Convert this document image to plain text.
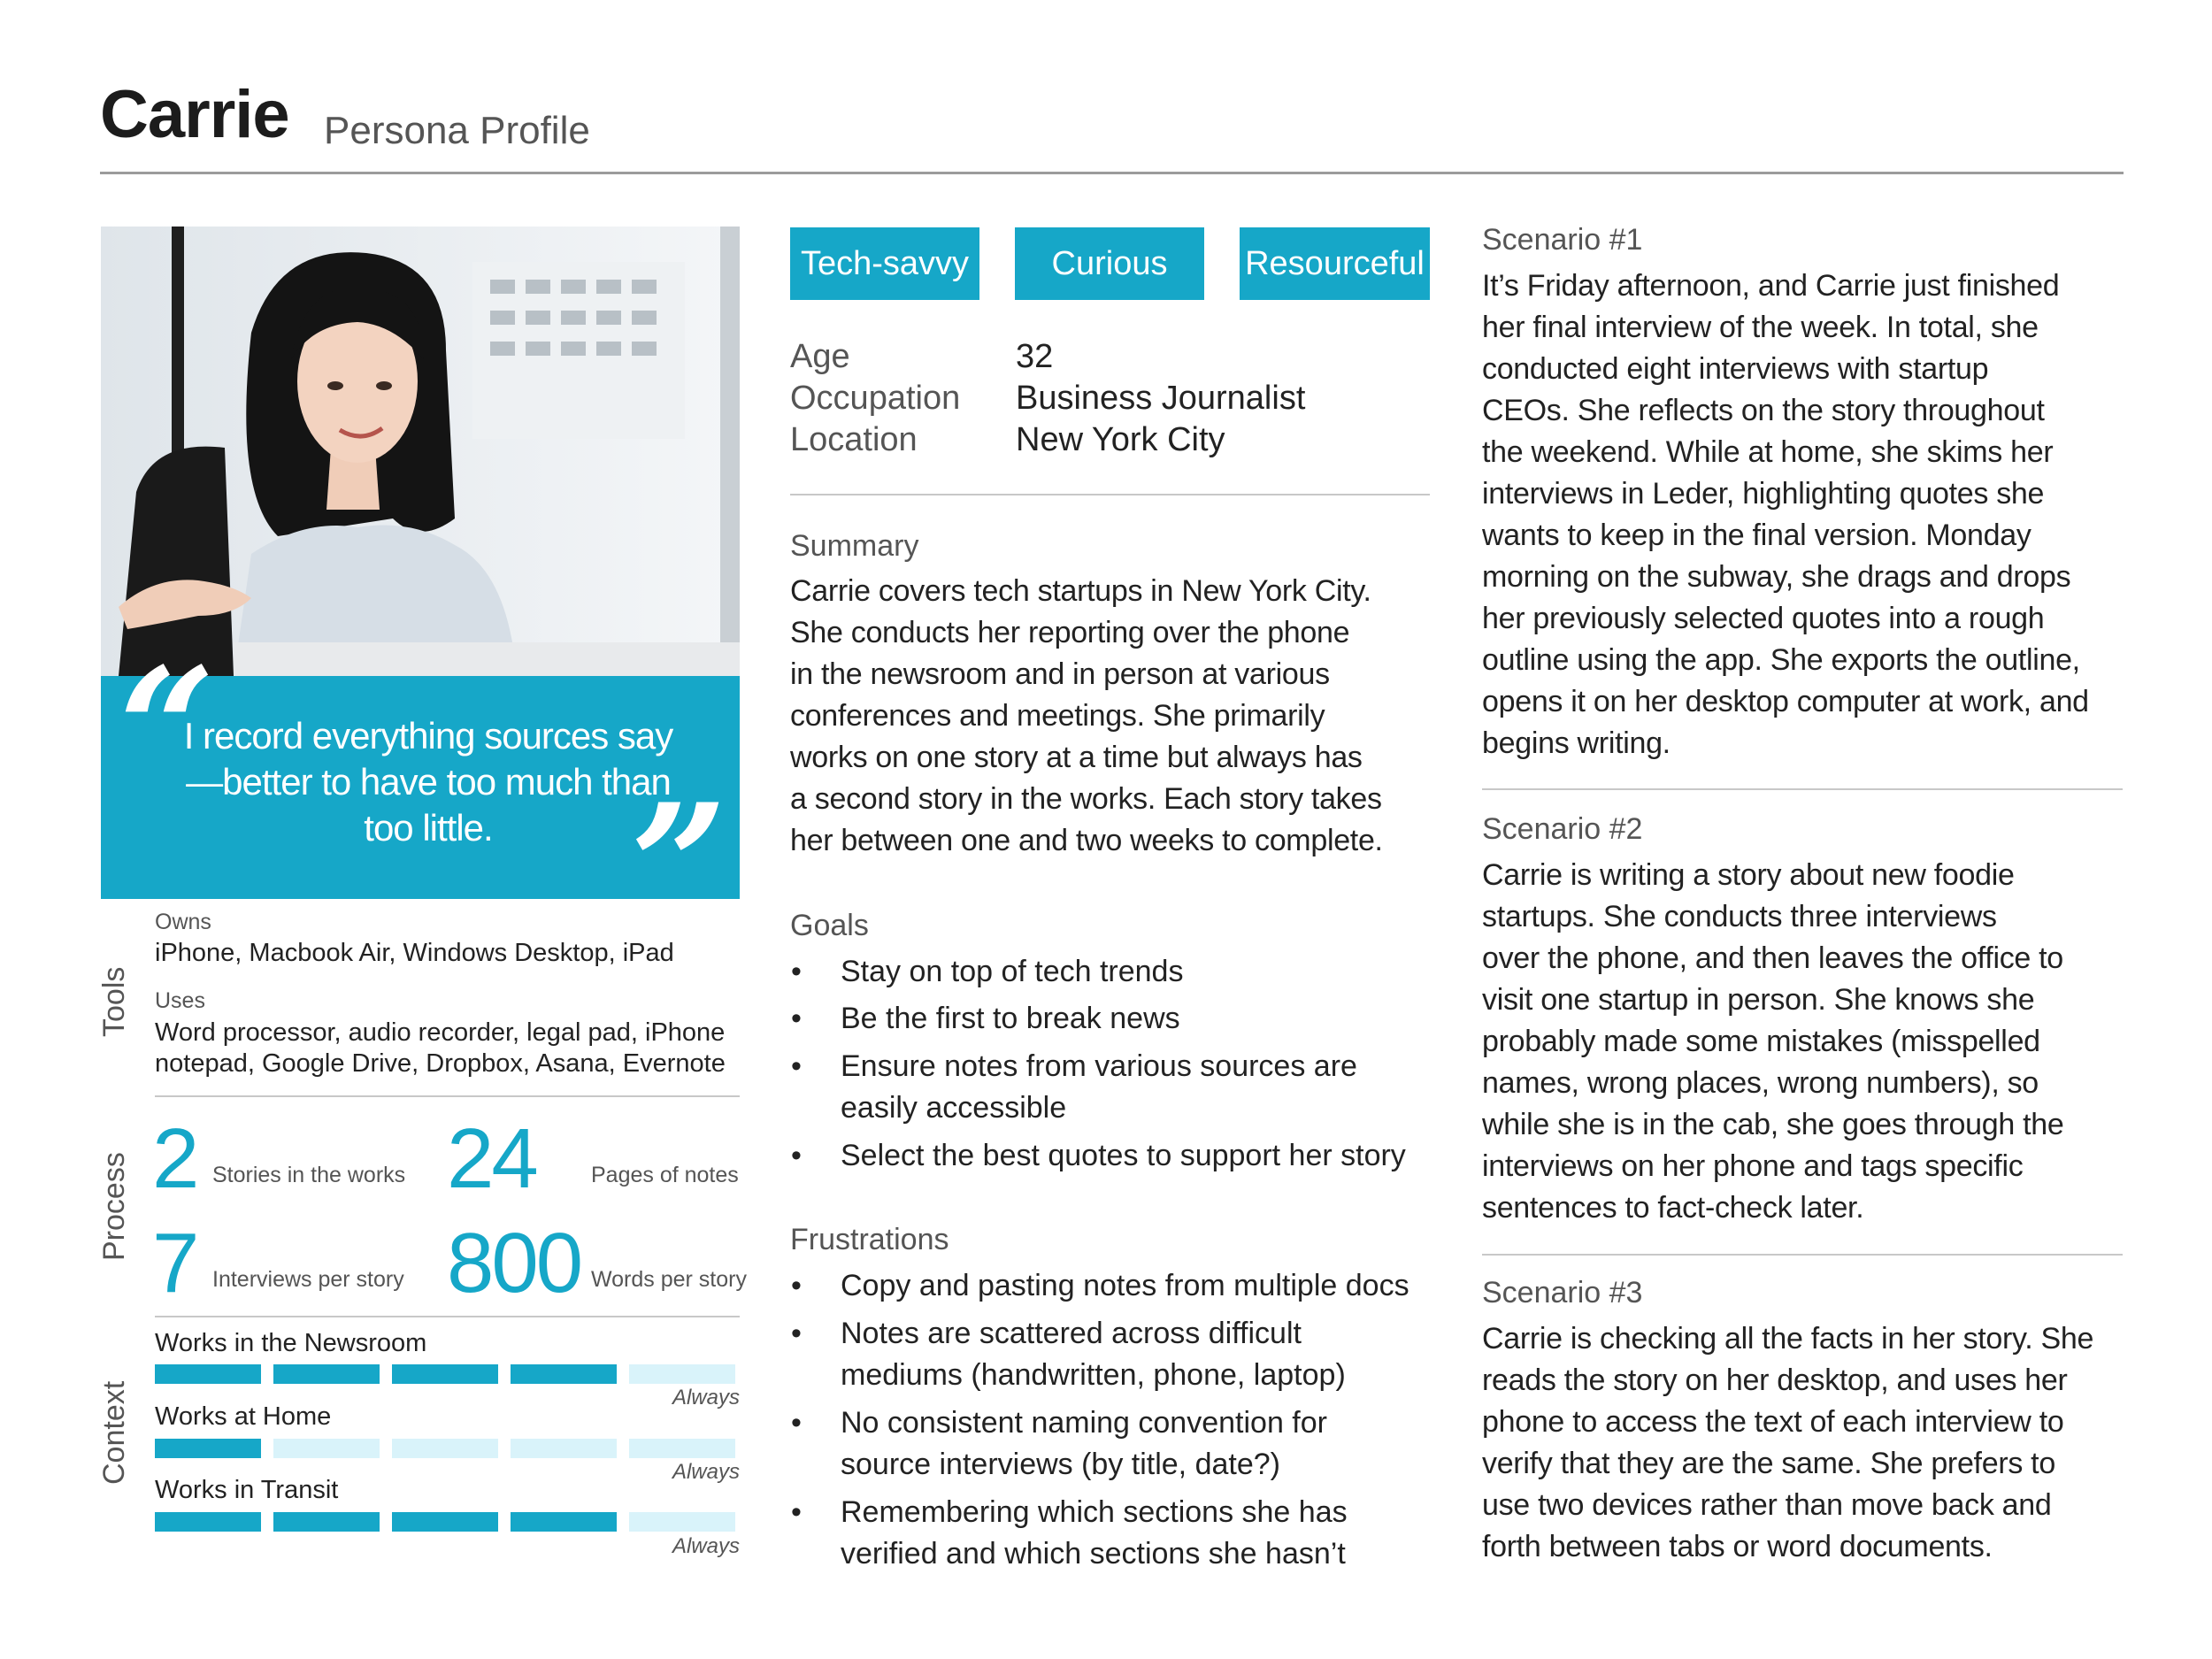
Carrie Persona Profile
“
I record everything sources say—better to have too much than too little. ”
Tools
Owns
iPhone, Macbook Air, Windows Desktop, iPad
Uses
Word processor, audio recorder, legal pad, iPhone
notepad, Google Drive, Dropbox, Asana, Evernote
Process 2 Stories in the works 24 Pages of notes
7 Interviews per story 800 Words per story
Context
Works in the Newsroom
Always
Works at Home
Always
Works in Transit
Always
Tech-savvy	Curious	Resourceful
Age	32
Occupation Business Journalist
Location	New York City
Summary
Carrie covers tech startups in New York City.
She conducts her reporting over the phone
in the newsroom and in person at various
conferences and meetings. She primarily
works on one story at a time but always has
a second story in the works. Each story takes
her between one and two weeks to complete.
Goals
• Stay on top of tech trends
• Be the first to break news
• Ensure notes from various sources are
easily accessible
• Select the best quotes to support her story
Frustrations
• Copy and pasting notes from multiple docs
• Notes are scattered across difficult
mediums (handwritten, phone, laptop)
• No consistent naming convention for
source interviews (by title, date?)
• Remembering which sections she has
verified and which sections she hasn’t
Scenario #1
It’s Friday afternoon, and Carrie just finished
her final interview of the week. In total, she
conducted eight interviews with startup
CEOs. She reflects on the story throughout
the weekend. While at home, she skims her
interviews in Leder, highlighting quotes she
wants to keep in the final version. Monday
morning on the subway, she drags and drops
her previously selected quotes into a rough
outline using the app. She exports the outline,
opens it on her desktop computer at work, and
begins writing.
Scenario #2
Carrie is writing a story about new foodie
startups. She conducts three interviews
over the phone, and then leaves the office to
visit one startup in person. She knows she
probably made some mistakes (misspelled
names, wrong places, wrong numbers), so
while she is in the cab, she goes through the
interviews on her phone and tags specific
sentences to fact-check later.
Scenario #3
Carrie is checking all the facts in her story. She
reads the story on her desktop, and uses her
phone to access the text of each interview to
verify that they are the same. She prefers to
use two devices rather than move back and
forth between tabs or word documents.
